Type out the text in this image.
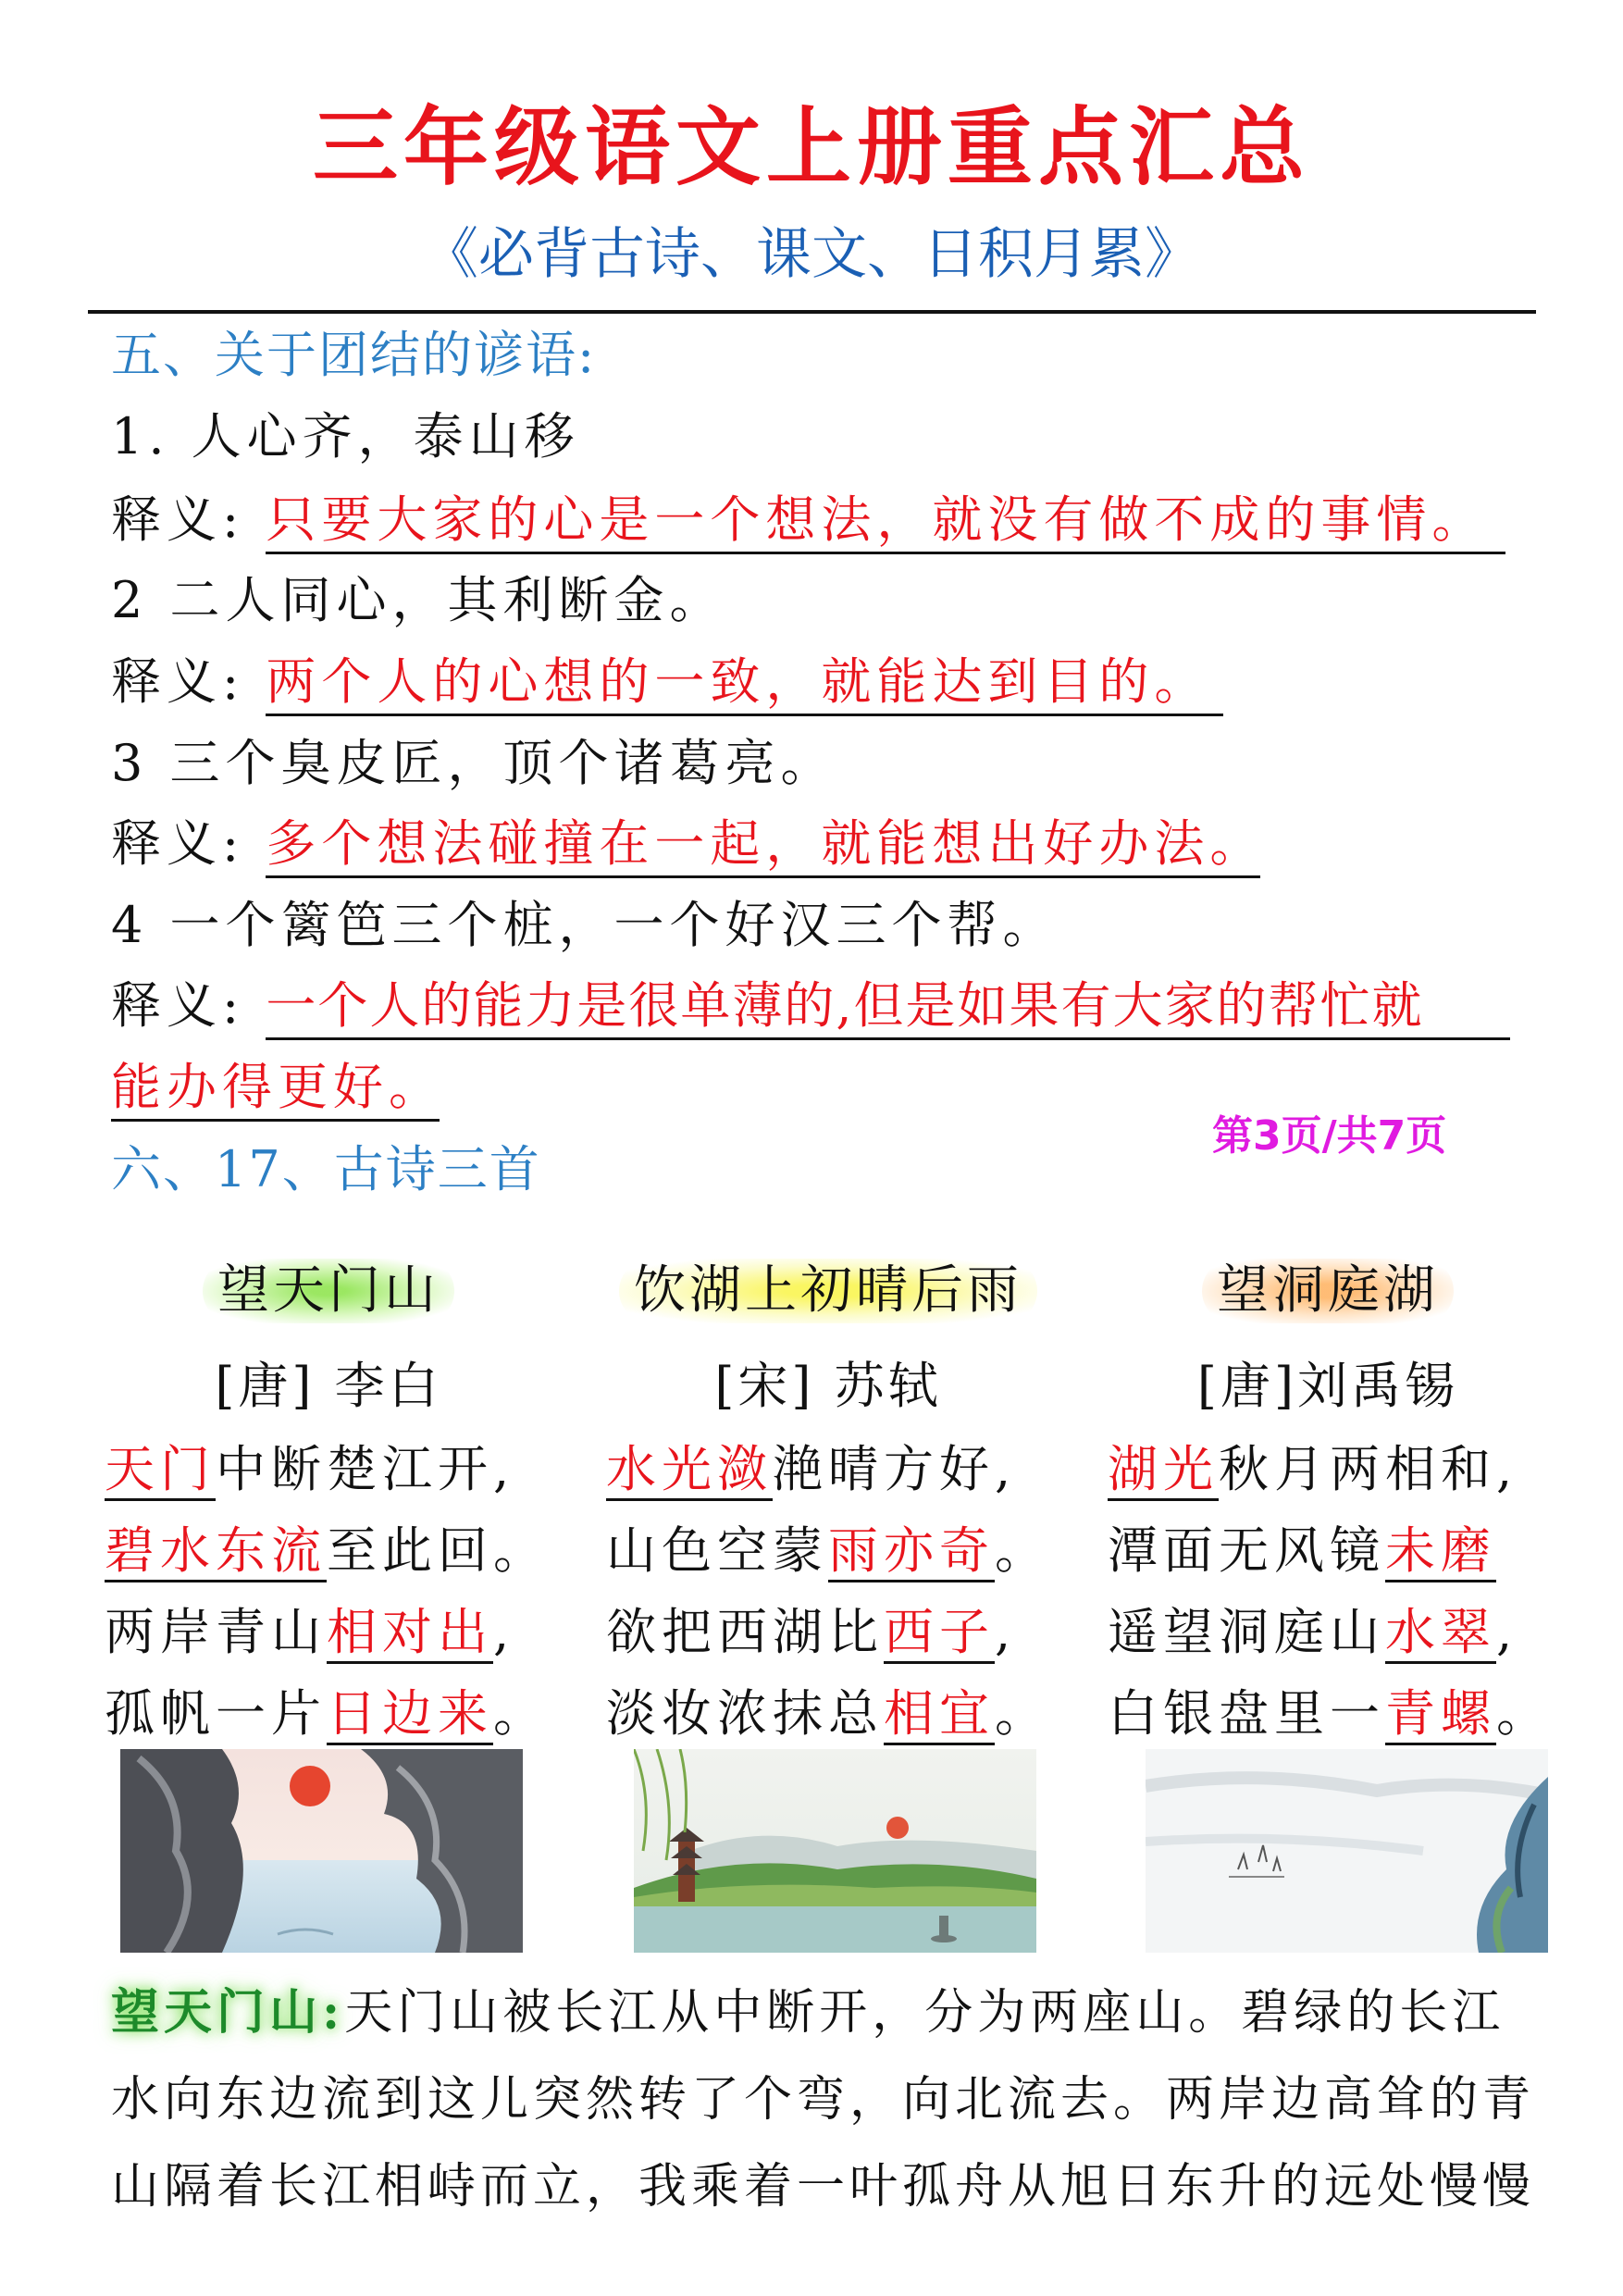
三年级语文上册重点汇总
《必背古诗、课文、日积月累》
五、关于团结的谚语:
1. 人心齐，泰山移
释义: 只要大家的心是一个想法，就没有做不成的事情。
2 二人同心，其利断金。
释义: 两个人的心想的一致，就能达到目的。
3 三个臭皮匠，顶个诸葛亮。
释义: 多个想法碰撞在一起，就能想出好办法。
4 一个篱笆三个桩，一个好汉三个帮。
释义: 一个人的能力是很单薄的,但是如果有大家的帮忙就
能办得更好。
六、17、古诗三首
第3页/共7页
望天门山
[唐] 李白
天门中断楚江开,
碧水东流至此回。
两岸青山相对出,
孤帆一片日边来。
饮湖上初晴后雨
[宋] 苏轼
水光潋滟晴方好,
山色空蒙雨亦奇。
欲把西湖比西子,
淡妆浓抹总相宜。
望洞庭湖
[唐]刘禹锡
湖光秋月两相和,
潭面无风镜未磨
遥望洞庭山水翠,
白银盘里一青螺。
望天门山:天门山被长江从中断开，分为两座山。碧绿的长江
水向东边流到这儿突然转了个弯，向北流去。两岸边高耸的青
山隔着长江相峙而立，我乘着一叶孤舟从旭日东升的远处慢慢
